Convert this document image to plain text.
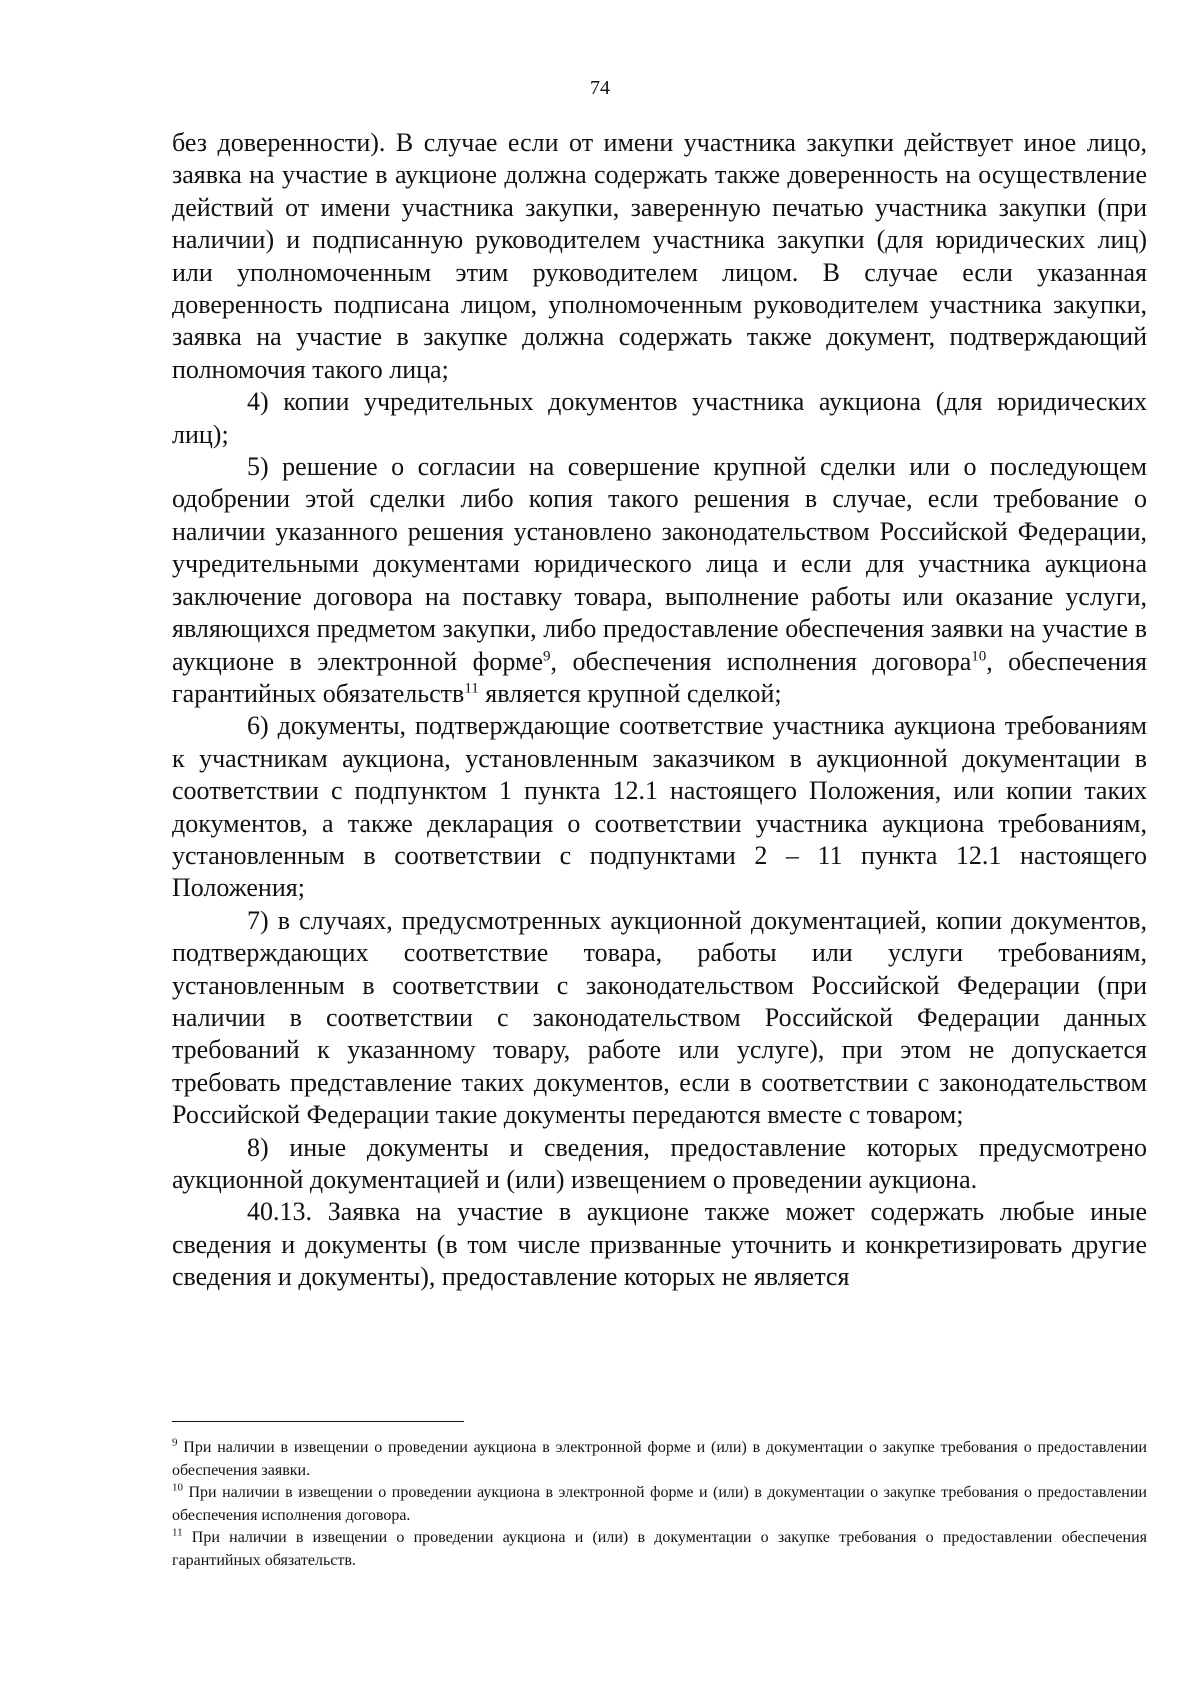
74

без доверенности). В случае если от имени участника закупки действует иное лицо, заявка на участие в аукционе должна содержать также доверенность на осуществление действий от имени участника закупки, заверенную печатью участника закупки (при наличии) и подписанную руководителем участника закупки (для юридических лиц) или уполномоченным этим руководителем лицом. В случае если указанная доверенность подписана лицом, уполномоченным руководителем участника закупки, заявка на участие в закупке должна содержать также документ, подтверждающий полномочия такого лица;

4) копии учредительных документов участника аукциона (для юридических лиц);

5) решение о согласии на совершение крупной сделки или о последующем одобрении этой сделки либо копия такого решения в случае, если требование о наличии указанного решения установлено законодательством Российской Федерации, учредительными документами юридического лица и если для участника аукциона заключение договора на поставку товара, выполнение работы или оказание услуги, являющихся предметом закупки, либо предоставление обеспечения заявки на участие в аукционе в электронной форме$^9$, обеспечения исполнения договора$^{10}$, обеспечения гарантийных обязательств$^{11}$ является крупной сделкой;

6) документы, подтверждающие соответствие участника аукциона требованиям к участникам аукциона, установленным заказчиком в аукционной документации в соответствии с подпунктом 1 пункта 12.1 настоящего Положения, или копии таких документов, а также декларация о соответствии участника аукциона требованиям, установленным в соответствии с подпунктами 2 – 11 пункта 12.1 настоящего Положения;

7) в случаях, предусмотренных аукционной документацией, копии документов, подтверждающих соответствие товара, работы или услуги требованиям, установленным в соответствии с законодательством Российской Федерации (при наличии в соответствии с законодательством Российской Федерации данных требований к указанному товару, работе или услуге), при этом не допускается требовать представление таких документов, если в соответствии с законодательством Российской Федерации такие документы передаются вместе с товаром;

8) иные документы и сведения, предоставление которых предусмотрено аукционной документацией и (или) извещением о проведении аукциона.

40.13. Заявка на участие в аукционе также может содержать любые иные сведения и документы (в том числе призванные уточнить и конкретизировать другие сведения и документы), предоставление которых не является

$^9$ При наличии в извещении о проведении аукциона в электронной форме и (или) в документации о закупке требования о предоставлении обеспечения заявки.

$^{10}$ При наличии в извещении о проведении аукциона в электронной форме и (или) в документации о закупке требования о предоставлении обеспечения исполнения договора.

$^{11}$ При наличии в извещении о проведении аукциона и (или) в документации о закупке требования о предоставлении обеспечения гарантийных обязательств.
